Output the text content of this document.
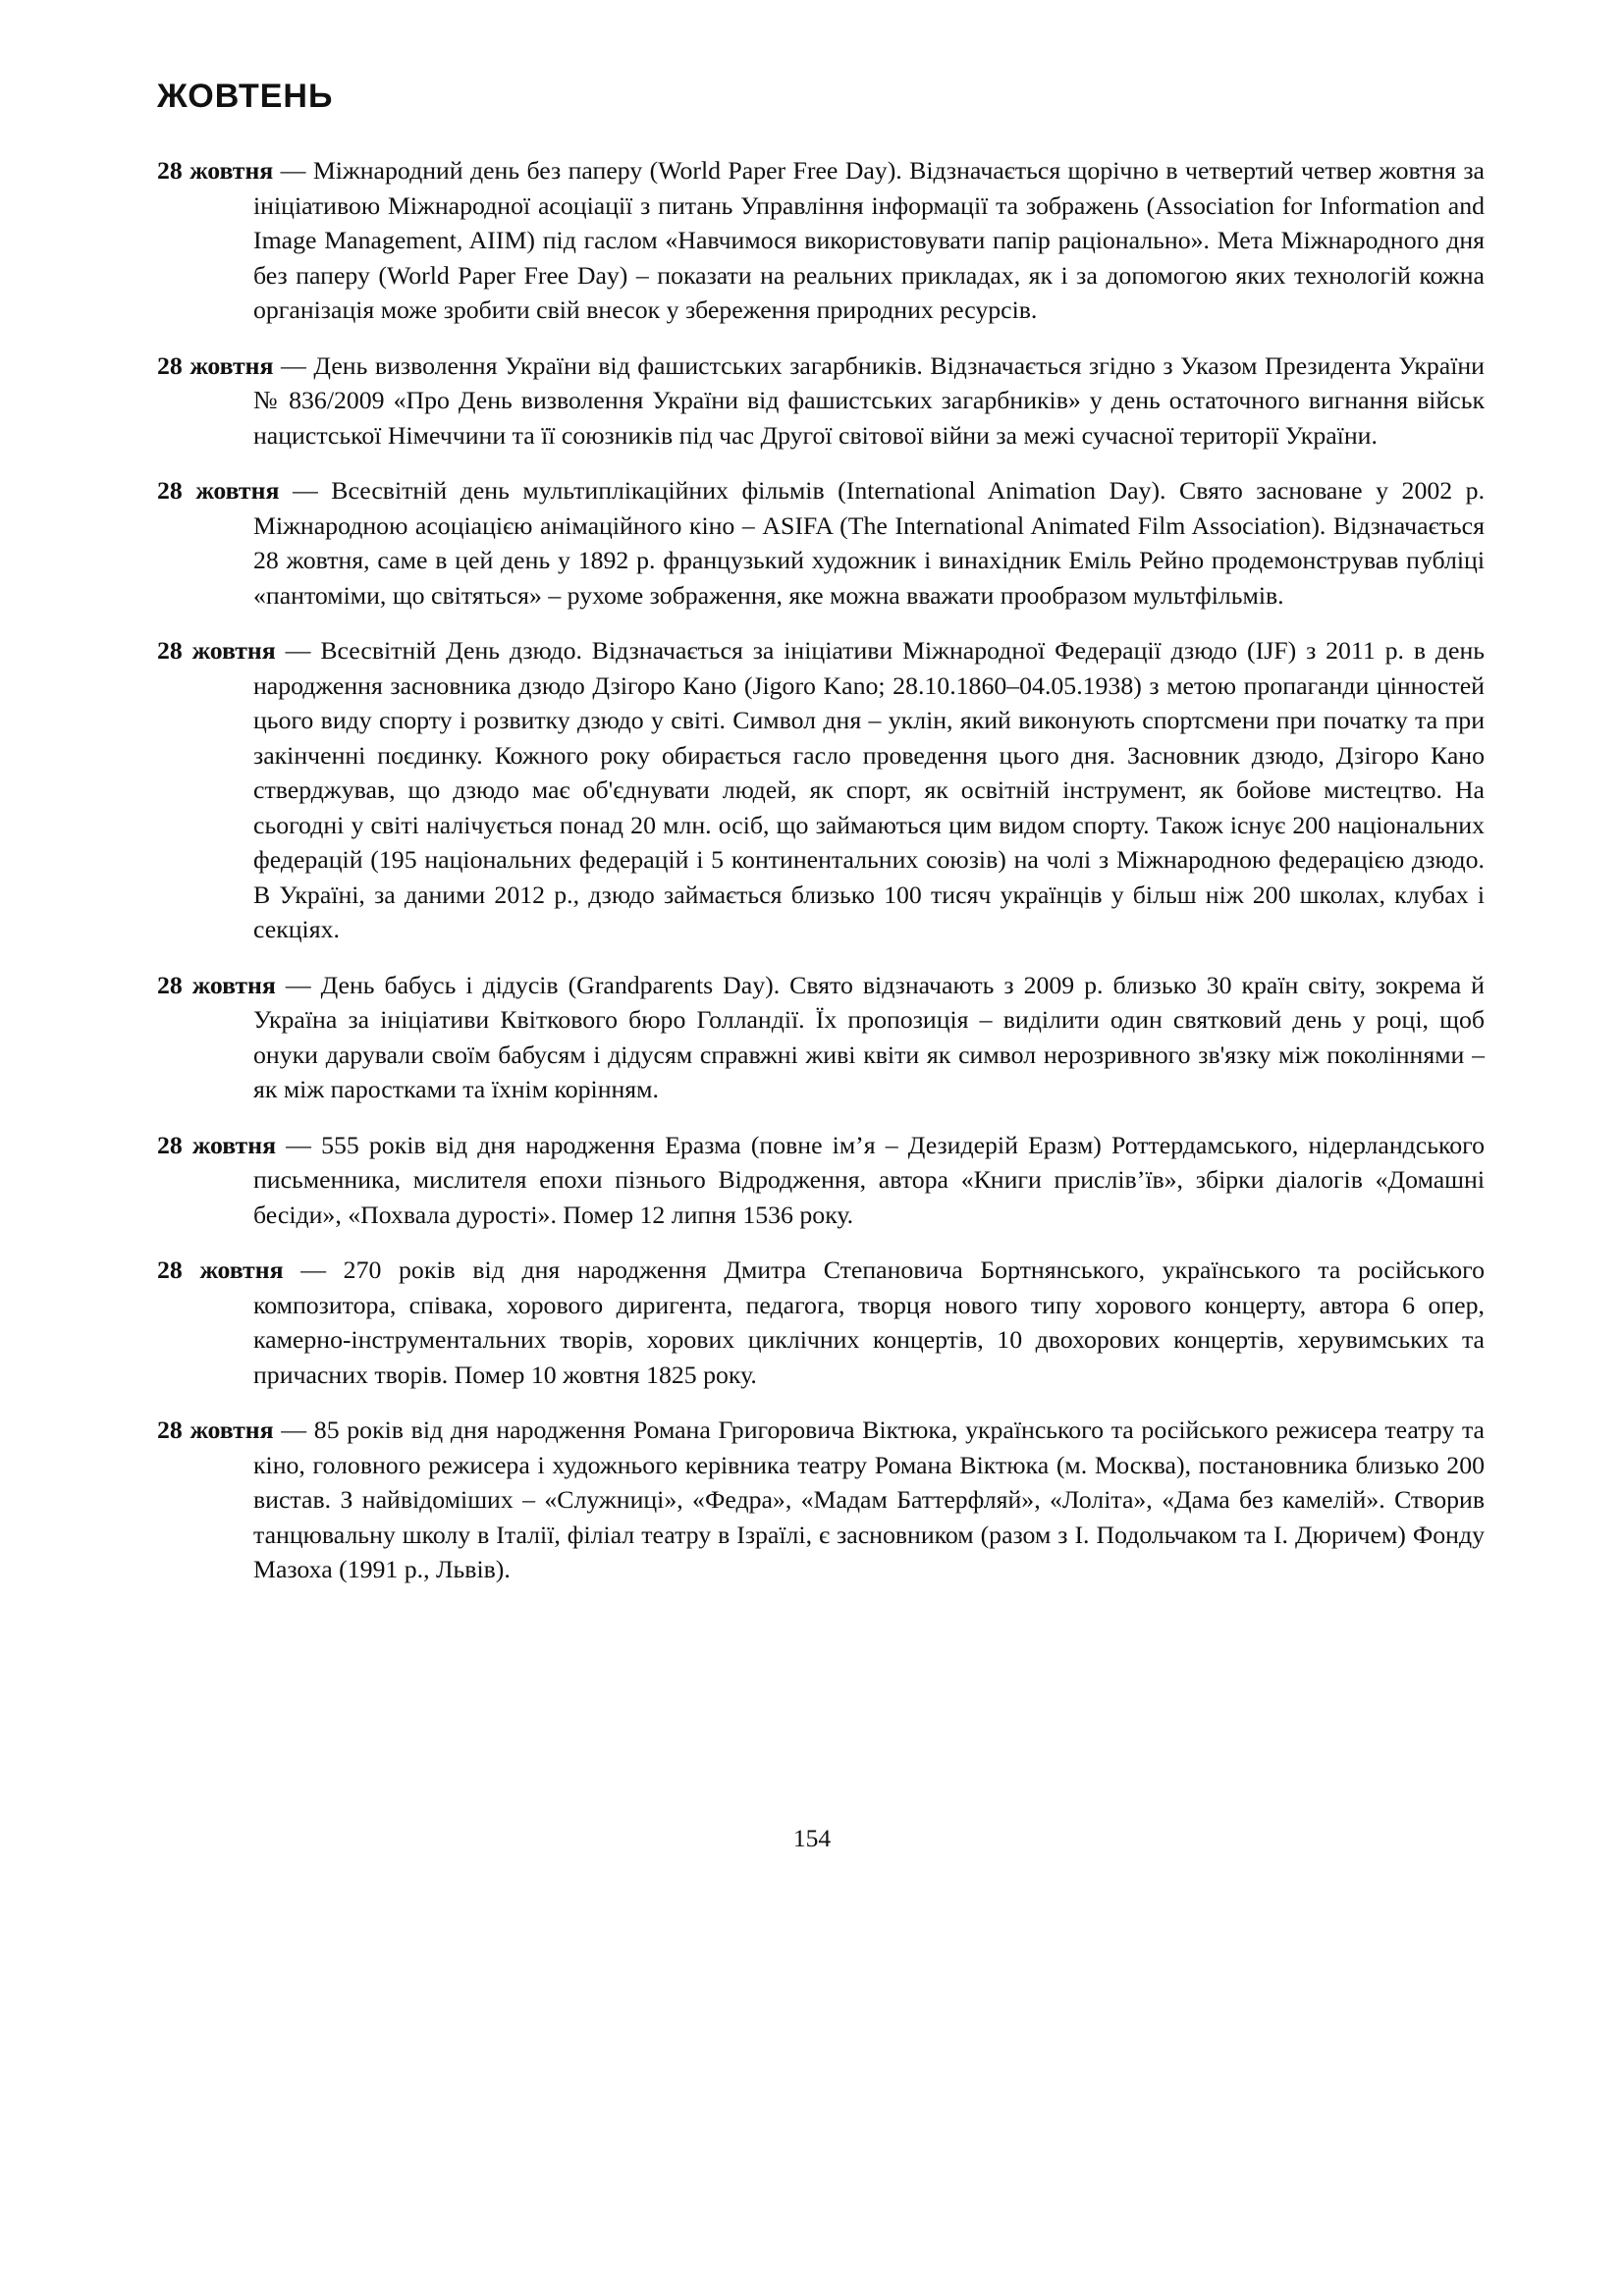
ЖОВТЕНЬ

28 жовтня — Міжнародний день без паперу (World Paper Free Day). Відзначається щорічно в четвертий четвер жовтня за ініціативою Міжнародної асоціації з питань Управління інформації та зображень (Association for Information and Image Management, AIIM) під гаслом «Навчимося використовувати папір раціонально». Мета Міжнародного дня без паперу (World Paper Free Day) – показати на реальних прикладах, як і за допомогою яких технологій кожна організація може зробити свій внесок у збереження природних ресурсів.

28 жовтня — День визволення України від фашистських загарбників. Відзначається згідно з Указом Президента України № 836/2009 «Про День визволення України від фашистських загарбників» у день остаточного вигнання військ нацистської Німеччини та її союзників під час Другої світової війни за межі сучасної території України.

28 жовтня — Всесвітній день мультиплікаційних фільмів (International Animation Day). Свято засноване у 2002 р. Міжнародною асоціацією анімаційного кіно – ASIFA (The International Animated Film Association). Відзначається 28 жовтня, саме в цей день у 1892 р. французький художник і винахідник Еміль Рейно продемонстрував публіці «пантоміми, що світяться» – рухоме зображення, яке можна вважати прообразом мультфільмів.

28 жовтня — Всесвітній День дзюдо. Відзначається за ініціативи Міжнародної Федерації дзюдо (IJF) з 2011 р. в день народження засновника дзюдо Дзігоро Кано (Jigoro Kano; 28.10.1860–04.05.1938) з метою пропаганди цінностей цього виду спорту і розвитку дзюдо у світі. Символ дня – уклін, який виконують спортсмени при початку та при закінченні поєдинку. Кожного року обирається гасло проведення цього дня. Засновник дзюдо, Дзігоро Кано стверджував, що дзюдо має об'єднувати людей, як спорт, як освітній інструмент, як бойове мистецтво. На сьогодні у світі налічується понад 20 млн. осіб, що займаються цим видом спорту. Також існує 200 національних федерацій (195 національних федерацій і 5 континентальних союзів) на чолі з Міжнародною федерацією дзюдо. В Україні, за даними 2012 р., дзюдо займається близько 100 тисяч українців у більш ніж 200 школах, клубах і секціях.

28 жовтня — День бабусь і дідусів (Grandparents Day). Свято відзначають з 2009 р. близько 30 країн світу, зокрема й Україна за ініціативи Квіткового бюро Голландії. Їх пропозиція – виділити один святковий день у році, щоб онуки дарували своїм бабусям і дідусям справжні живі квіти як символ нерозривного зв'язку між поколіннями – як між паростками та їхнім корінням.

28 жовтня — 555 років від дня народження Еразма (повне ім’я – Дезидерій Еразм) Роттердамського, нідерландського письменника, мислителя епохи пізнього Відродження, автора «Книги прислів’їв», збірки діалогів «Домашні бесіди», «Похвала дурості». Помер 12 липня 1536 року.

28 жовтня — 270 років від дня народження Дмитра Степановича Бортнянського, українського та російського композитора, співака, хорового диригента, педагога, творця нового типу хорового концерту, автора 6 опер, камерно-інструментальних творів, хорових циклічних концертів, 10 двохорових концертів, херувимських та причасних творів. Помер 10 жовтня 1825 року.

28 жовтня — 85 років від дня народження Романа Григоровича Віктюка, українського та російського режисера театру та кіно, головного режисера і художнього керівника театру Романа Віктюка (м. Москва), постановника близько 200 вистав. З найвідоміших – «Служниці», «Федра», «Мадам Баттерфляй», «Лоліта», «Дама без камелій». Створив танцювальну школу в Італії, філіал театру в Ізраїлі, є засновником (разом з І. Подольчаком та І. Дюричем) Фонду Мазоха (1991 р., Львів).

154
